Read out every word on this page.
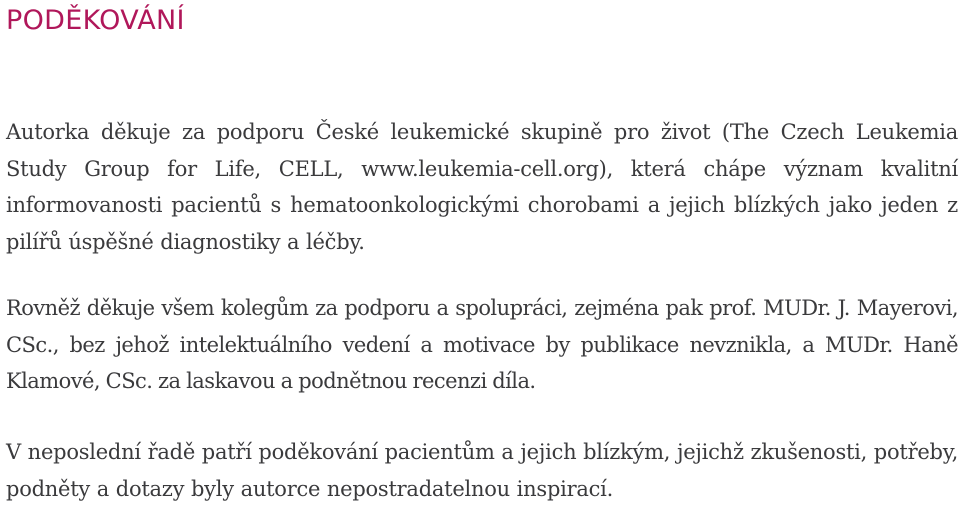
PODĚKOVÁNÍ

Autorka děkuje za podporu České leukemické skupině pro život (The Czech Leukemia Study Group for Life, CELL, www.leukemia-cell.org), která chápe význam kvalitní informovanosti pacientů s hematoonkologickými chorobami a jejich blízkých jako jeden z pilířů úspěšné diagnostiky a léčby.

Rovněž děkuje všem kolegům za podporu a spolupráci, zejména pak prof. MUDr. J. Mayerovi, CSc., bez jehož intelektuálního vedení a motivace by publikace nevznikla, a MUDr. Haně Klamové, CSc. za laskavou a podnětnou recenzi díla.

V neposlední řadě patří poděkování pacientům a jejich blízkým, jejichž zkušenosti, potřeby, podněty a dotazy byly autorce nepostradatelnou inspirací.
